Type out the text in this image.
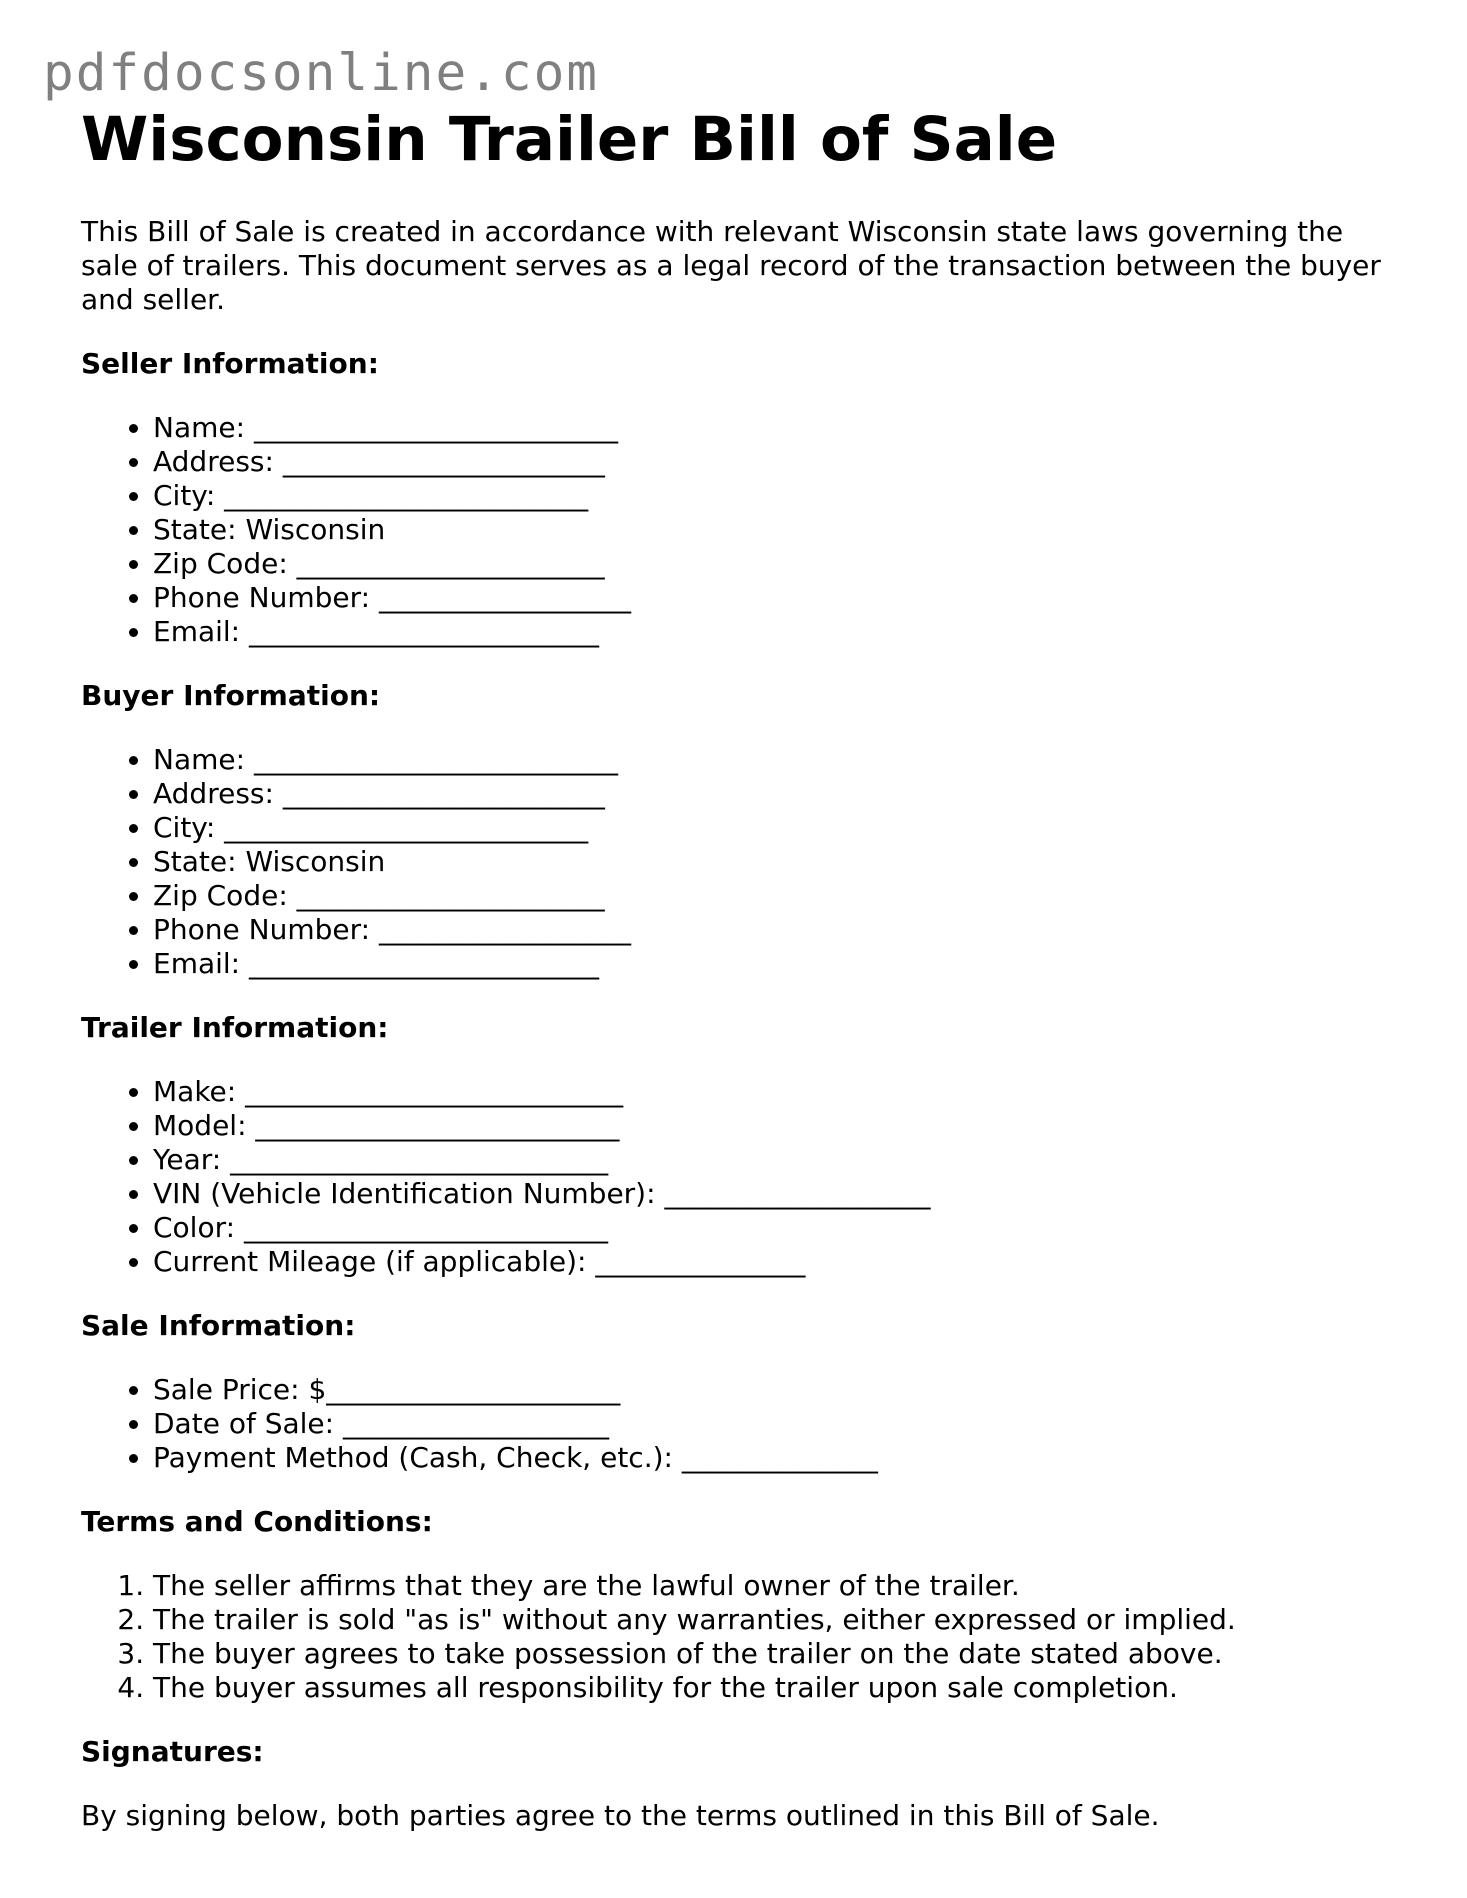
pdfdocsonline.com
Wisconsin Trailer Bill of Sale

This Bill of Sale is created in accordance with relevant Wisconsin state laws governing the sale of trailers. This document serves as a legal record of the transaction between the buyer and seller.

Seller Information:
• Name: __________________________
• Address: _______________________
• City: __________________________
• State: Wisconsin
• Zip Code: ______________________
• Phone Number: __________________
• Email: _________________________
Buyer Information:
• Name: __________________________
• Address: _______________________
• City: __________________________
• State: Wisconsin
• Zip Code: ______________________
• Phone Number: __________________
• Email: _________________________
Trailer Information:
• Make: ___________________________
• Model: __________________________
• Year: ___________________________
• VIN (Vehicle Identification Number): ___________________
• Color: __________________________
• Current Mileage (if applicable): _______________
Sale Information:
• Sale Price: $_____________________
• Date of Sale: ___________________
• Payment Method (Cash, Check, etc.): ______________
Terms and Conditions:
1. The seller affirms that they are the lawful owner of the trailer.
2. The trailer is sold "as is" without any warranties, either expressed or implied.
3. The buyer agrees to take possession of the trailer on the date stated above.
4. The buyer assumes all responsibility for the trailer upon sale completion.
Signatures:

By signing below, both parties agree to the terms outlined in this Bill of Sale.
